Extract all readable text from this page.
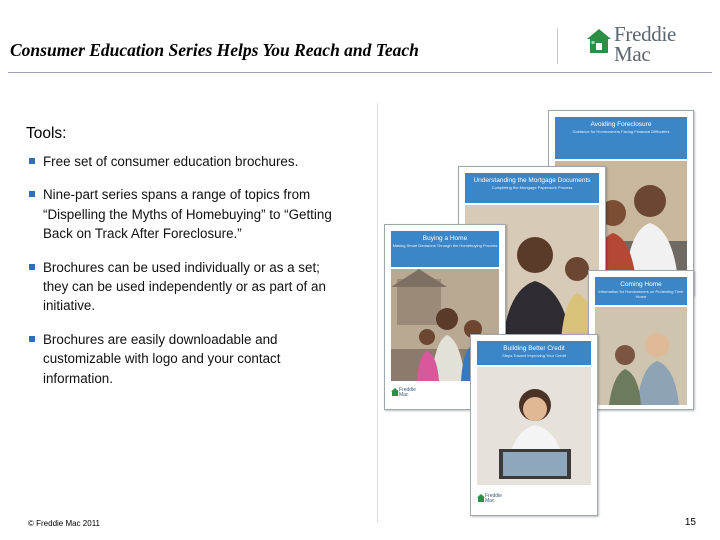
Consumer Education Series Helps You Reach and Teach
Freddie
Mac
Tools:
Free set of consumer education brochures.
Nine-part series spans a range of topics from “Dispelling the Myths of Homebuying” to “Getting Back on Track After Foreclosure.”
Brochures can be used individually or as a set; they can be used independently or as part of an initiative.
Brochures are easily downloadable and customizable with logo and your contact information.
Avoiding Foreclosure
Guidance for Homeowners Facing Financial Difficulties
Understanding the Mortgage Documents
Completing the Mortgage Paperwork Process
Coming Home
Information for Homeowners on Protecting Their Home
Buying a Home
Making Smart Decisions Through the Homebuying Process
Freddie
Mac
Building Better Credit
Steps Toward Improving Your Credit
Freddie
Mac
© Freddie Mac 2011	15
